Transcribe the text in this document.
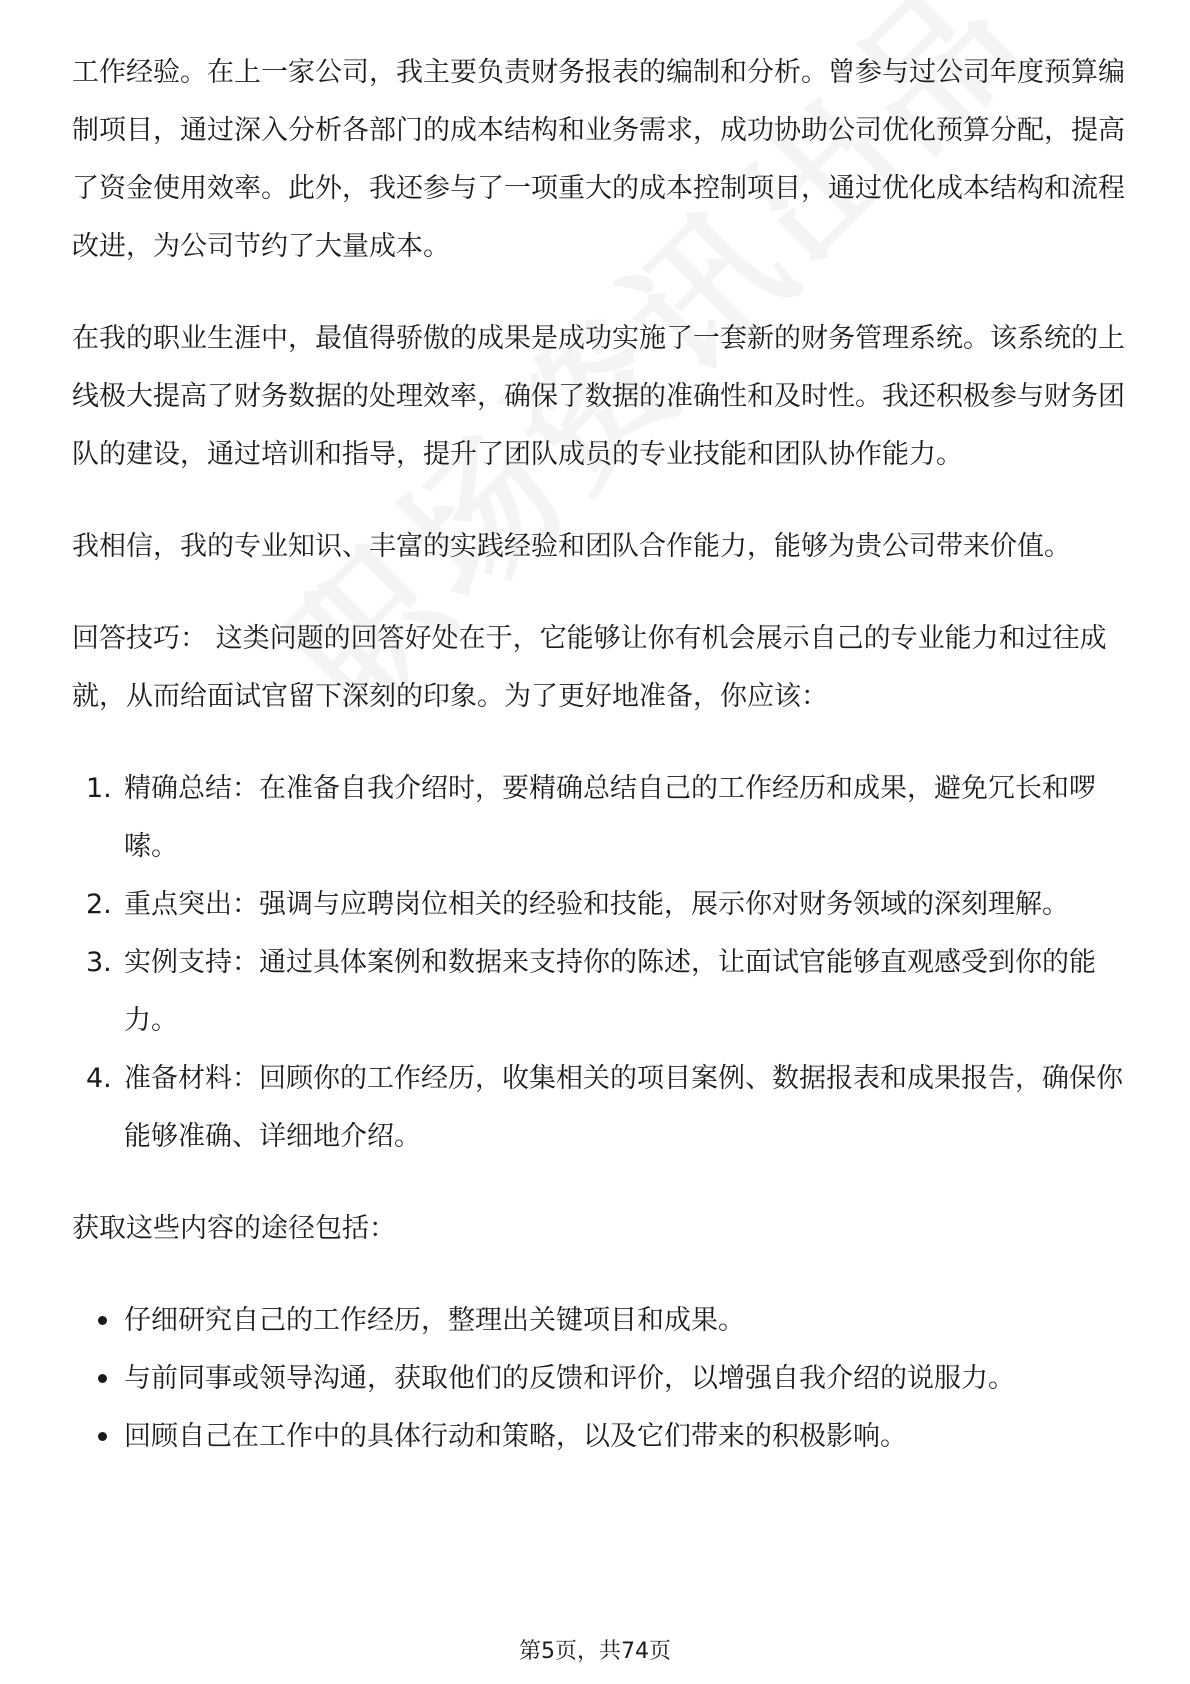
工作经验。在上一家公司，我主要负责财务报表的编制和分析。曾参与过公司年度预算编制项目，通过深入分析各部门的成本结构和业务需求，成功协助公司优化预算分配，提高了资金使用效率。此外，我还参与了一项重大的成本控制项目，通过优化成本结构和流程改进，为公司节约了大量成本。

在我的职业生涯中，最值得骄傲的成果是成功实施了一套新的财务管理系统。该系统的上线极大提高了财务数据的处理效率，确保了数据的准确性和及时性。我还积极参与财务团队的建设，通过培训和指导，提升了团队成员的专业技能和团队协作能力。

我相信，我的专业知识、丰富的实践经验和团队合作能力，能够为贵公司带来价值。

回答技巧： 这类问题的回答好处在于，它能够让你有机会展示自己的专业能力和过往成就，从而给面试官留下深刻的印象。为了更好地准备，你应该：

1. 精确总结：在准备自我介绍时，要精确总结自己的工作经历和成果，避免冗长和啰嗦。
2. 重点突出：强调与应聘岗位相关的经验和技能，展示你对财务领域的深刻理解。
3. 实例支持：通过具体案例和数据来支持你的陈述，让面试官能够直观感受到你的能力。
4. 准备材料：回顾你的工作经历，收集相关的项目案例、数据报表和成果报告，确保你能够准确、详细地介绍。

获取这些内容的途径包括：

仔细研究自己的工作经历，整理出关键项目和成果。
与前同事或领导沟通，获取他们的反馈和评价，以增强自我介绍的说服力。
回顾自己在工作中的具体行动和策略，以及它们带来的积极影响。
第5页，共74页
